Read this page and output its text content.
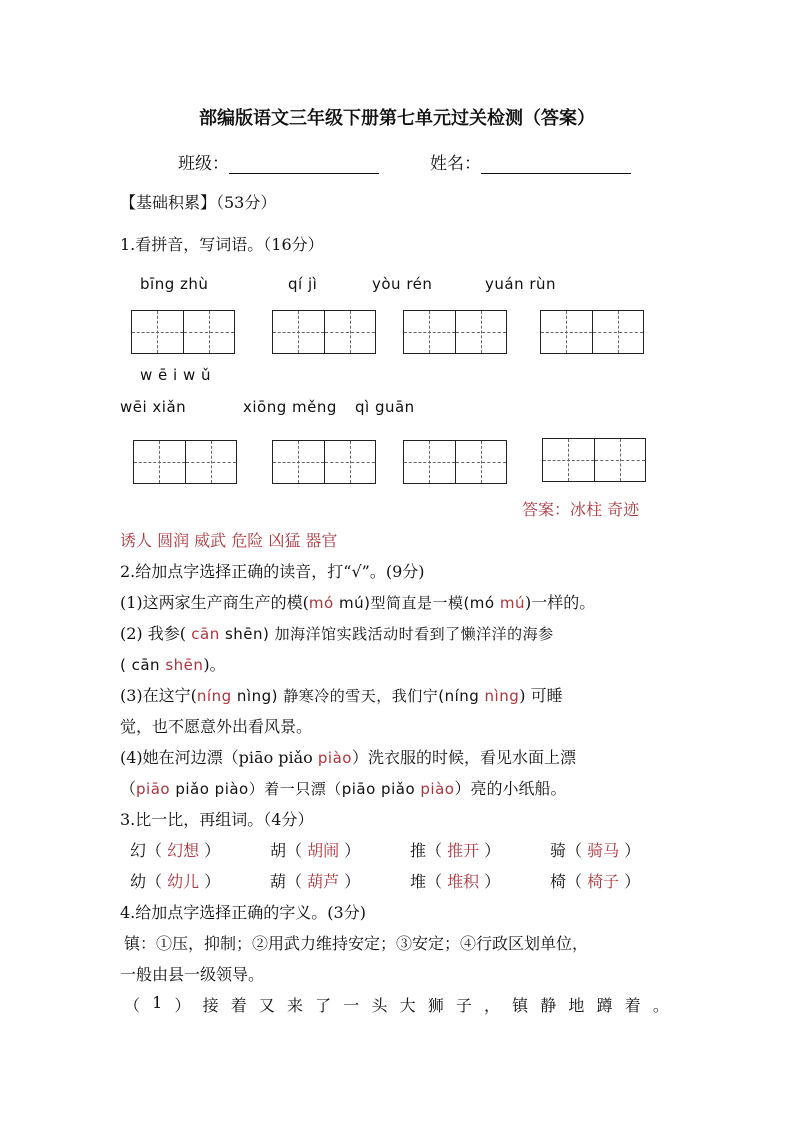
部编版语文三年级下册第七单元过关检测（答案）
班级：	姓名：
【基础积累】（53分）
1.看拼音，写词语。（16分）
bīng zhù	qí jì	yòu rén	yuán rùn
w ē i w ǔ
wēi xiǎn	xiōng měng qì guān
答案：冰柱 奇迹
诱人 圆润 威武 危险 凶猛 器官
2.给加点字选择正确的读音，打“√”。(9分)
(1)这两家生产商生产的模(mó mú)型简直是一模(mó mú)一样的。
(2) 我参( cān shēn) 加海洋馆实践活动时看到了懒洋洋的海参
( cān shēn)。
(3)在这宁(níng nìng) 静寒冷的雪天，我们宁(níng nìng) 可睡
觉，也不愿意外出看风景。
(4)她在河边漂（piāo piǎo piào）洗衣服的时候，看见水面上漂
（piāo piǎo piào）着一只漂（piāo piǎo piào）亮的小纸船。
3.比一比，再组词。（4分）
幻（ 幻想 ）	胡（ 胡闹 ）	推（ 推开 ）	骑（ 骑马 ）
幼（ 幼儿 ）	葫（ 葫芦 ）	堆（ 堆积 ）	椅（ 椅子 ）
4.给加点字选择正确的字义。(3分)
镇：①压，抑制；②用武力维持安定；③安定；④行政区划单位，
一般由县一级领导。
（ 1 ） 接 着 又 来 了 一 头 大 狮 子 ， 镇 静 地 蹲 着 。
